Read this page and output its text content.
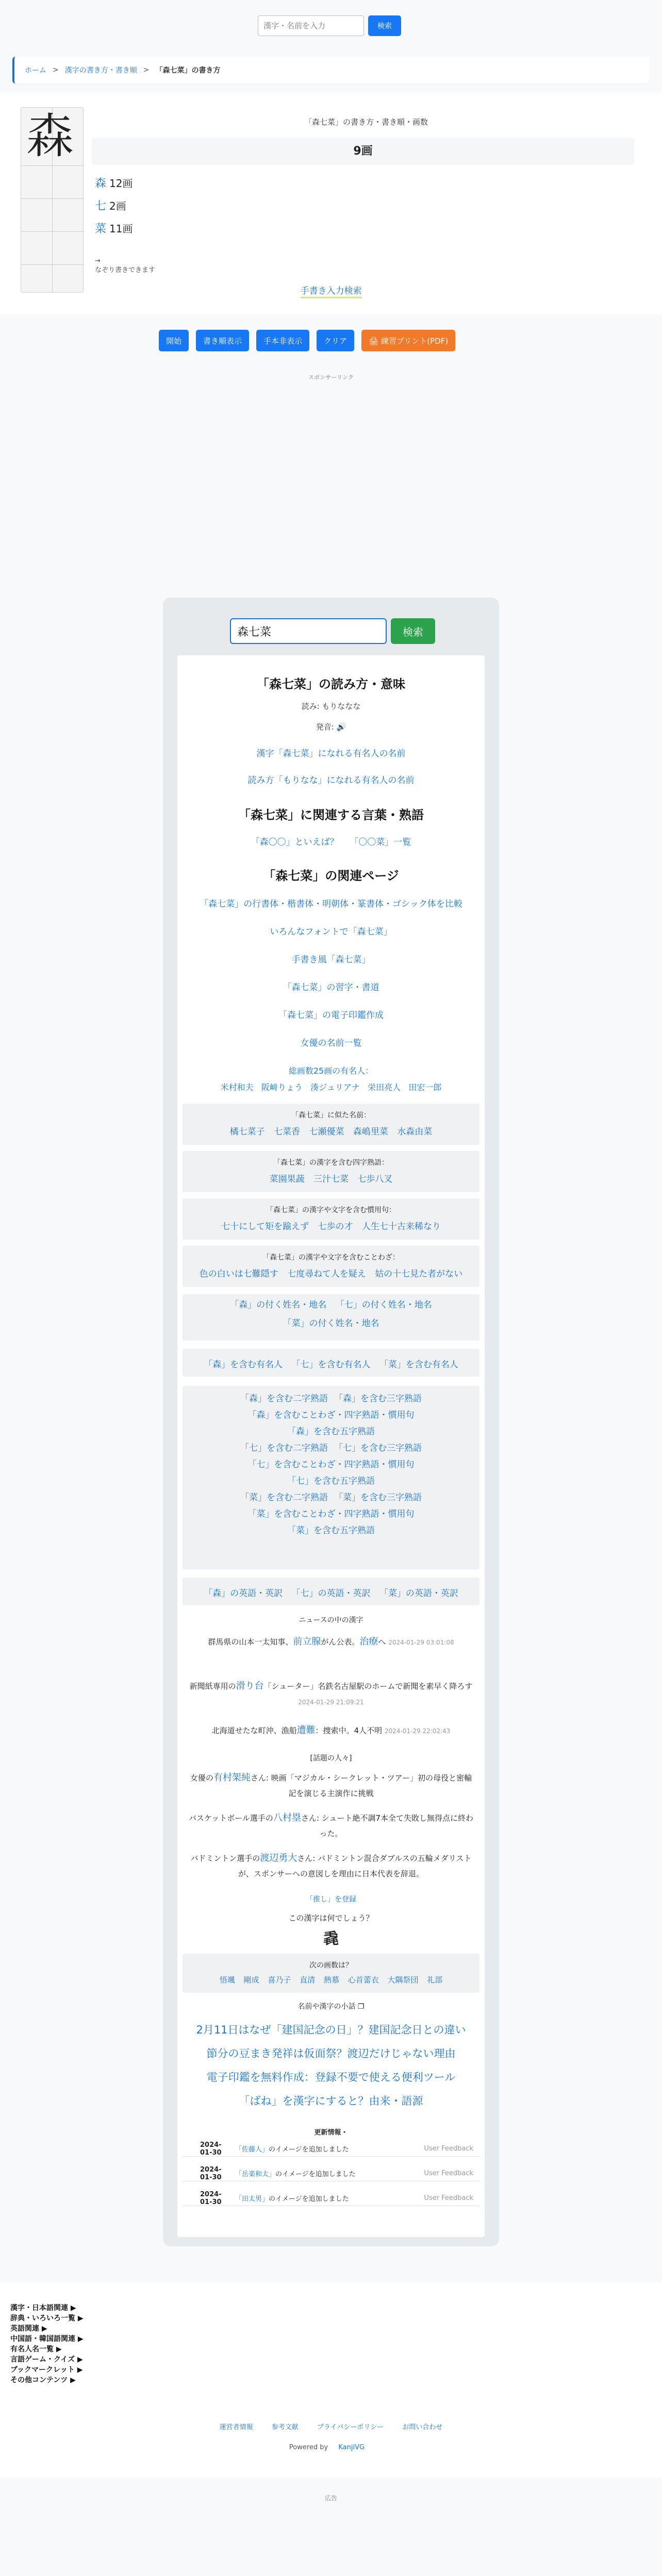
漢字・名前を入力
検索
ホーム > 漢字の書き方・書き順 > 「森七菜」の書き方
森	「森七菜」の書き方・書き順・画数
9画
森 12画
七 2画
菜 11画
→
なぞり書きできます
手書き入力検索
開始	書き順表示	手本非表示	クリア	🖨 練習プリント(PDF)
スポンサーリンク
森七菜
検索
「森七菜」の読み方・意味
読み: もりななな
発音: 🔊
漢字「森七菜」になれる有名人の名前
読み方「もりなな」になれる有名人の名前
「森七菜」に関連する言葉・熟語
「森〇〇」といえば？ 「〇〇菜」一覧
「森七菜」の関連ページ
「森七菜」の行書体・楷書体・明朝体・篆書体・ゴシック体を比較
いろんなフォントで「森七菜」
手書き風「森七菜」
「森七菜」の習字・書道
「森七菜」の電子印鑑作成
女優の名前一覧
総画数25画の有名人：
米村和夫 阪﨑りょう 湊ジュリアナ 栄田亮人 田宏一郎
「森七菜」に似た名前：
橘七菜子 七菜香 七瀬優菜 森嶋里菜 水森由菜
「森七菜」の漢字を含む四字熟語：
菜園果蔬 三汁七菜 七歩八叉
「森七菜」の漢字や文字を含む慣用句：
七十にして矩を踰えず 七歩の才 人生七十古来稀なり
「森七菜」の漢字や文字を含むことわざ：
色の白いは七難隠す 七度尋ねて人を疑え 姑の十七見た者がない
「森」の付く姓名・地名 「七」の付く姓名・地名
「菜」の付く姓名・地名
「森」を含む有名人 「七」を含む有名人 「菜」を含む有名人
「森」を含む二字熟語 「森」を含む三字熟語
「森」を含むことわざ・四字熟語・慣用句
「森」を含む五字熟語
「七」を含む二字熟語 「七」を含む三字熟語
「七」を含むことわざ・四字熟語・慣用句
「七」を含む五字熟語
「菜」を含む二字熟語 「菜」を含む三字熟語
「菜」を含むことわざ・四字熟語・慣用句
「菜」を含む五字熟語
「森」の英語・英訳 「七」の英語・英訳 「菜」の英語・英訳
ニュースの中の漢字
群馬県の山本一太知事、前立腺がん公表。治療へ 2024-01-29 03:01:08
新聞紙専用の滑り台「シューター」名鉄名古屋駅のホームで新聞を素早く降ろす 2024-01-29 21:09:21
北海道せたな町沖、漁船遭難：捜索中。4人不明 2024-01-29 22:02:43
[話題の人々]
女優の有村架純さん: 映画「マジカル・シークレット・ツアー」初の母役と密輸記を演じる主演作に挑戦
バスケットボール選手の八村塁さん: シュート絶不調7本全て失敗し無得点に終わった。
バドミントン選手の渡辺勇大さん: バドミントン混合ダブルスの五輪メダリストが、スポンサーへの意図しを理由に日本代表を辞退。
「推し」を登録
この漢字は何でしょう？
毳
次の画数は？
悟颯 剛成 喜乃子 直清 熱慕 心首蕾衣 大隅祭団 礼部
名前や漢字の小話 ❐
2月11日はなぜ「建国記念の日」？建国記念日との違い
節分の豆まき発祥は仮面祭？渡辺だけじゃない理由
電子印鑑を無料作成：登録不要で使える便利ツール
「ばね」を漢字にすると？由来・語源
更新情報・
2024-01-30	「佐藤人」のイメージを追加しました	User Feedback
2024-01-30	「岳楽和太」のイメージを追加しました	User Feedback
2024-01-30	「田太男」のイメージを追加しました	User Feedback
漢字・日本語関連 ▶
辞典・いろいろ一覧 ▶
英語関連 ▶
中国語・韓国語関連 ▶
有名人名一覧 ▶
言語ゲーム・クイズ ▶
ブックマークレット ▶
その他コンテンツ ▶
運営者情報	参考文献	プライバシーポリシー	お問い合わせ
Powered by KanjiVG
広告
